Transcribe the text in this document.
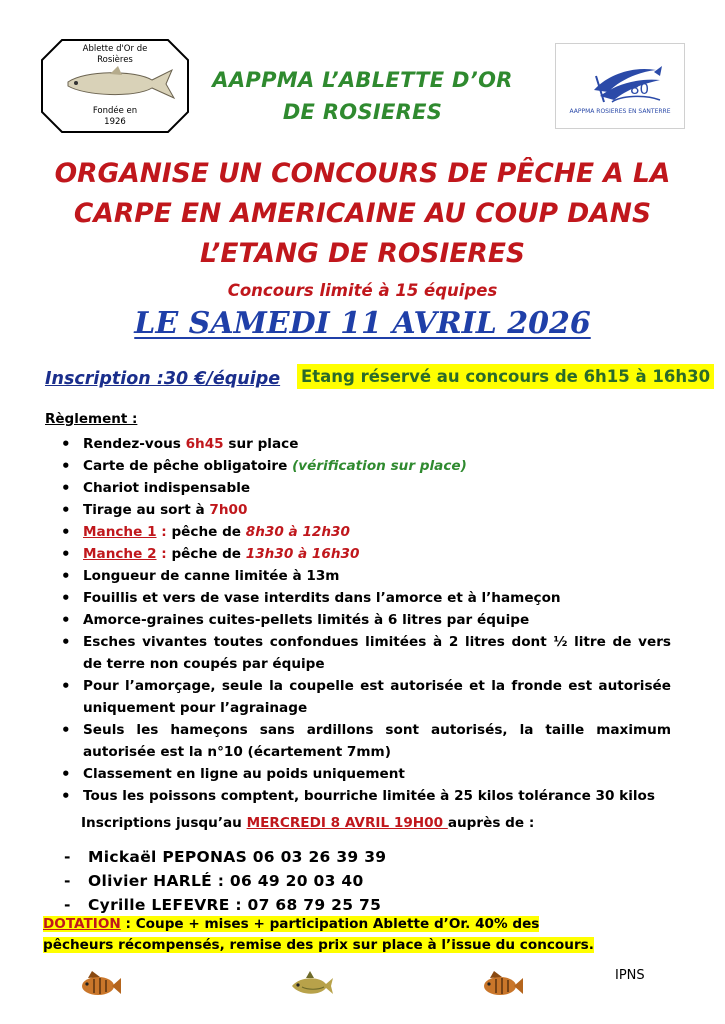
Ablette d'Or de Rosières
Fondée en 1926
AAPPMA L’ABLETTE D’OR
DE ROSIERES
80
AAPPMA ROSIERES EN SANTERRE
ORGANISE UN CONCOURS DE PÊCHE A LA
CARPE EN AMERICAINE AU COUP DANS
L’ETANG DE ROSIERES
Concours limité à 15 équipes
LE SAMEDI 11 AVRIL 2026
Inscription :30 €/équipe Etang réservé au concours de 6h15 à 16h30
Règlement :
• Rendez-vous 6h45 sur place
• Carte de pêche obligatoire (vérification sur place)
• Chariot indispensable
• Tirage au sort à 7h00
• Manche 1 : pêche de 8h30 à 12h30
• Manche 2 : pêche de 13h30 à 16h30
• Longueur de canne limitée à 13m
• Fouillis et vers de vase interdits dans l’amorce et à l’hameçon
• Amorce-graines cuites-pellets limités à 6 litres par équipe
• Esches vivantes toutes confondues limitées à 2 litres dont ½ litre de vers de terre non coupés par équipe
• Pour l’amorçage, seule la coupelle est autorisée et la fronde est autorisée uniquement pour l’agrainage
• Seuls les hameçons sans ardillons sont autorisés, la taille maximum autorisée est la n°10 (écartement 7mm)
• Classement en ligne au poids uniquement
• Tous les poissons comptent, bourriche limitée à 25 kilos tolérance 30 kilos
Inscriptions jusqu’au MERCREDI 8 AVRIL 19H00 auprès de :
- Mickaël PEPONAS 06 03 26 39 39
- Olivier HARLÉ : 06 49 20 03 40
- Cyrille LEFEVRE : 07 68 79 25 75
DOTATION : Coupe + mises + participation Ablette d’Or. 40% des pêcheurs récompensés, remise des prix sur place à l’issue du concours.
IPNS
